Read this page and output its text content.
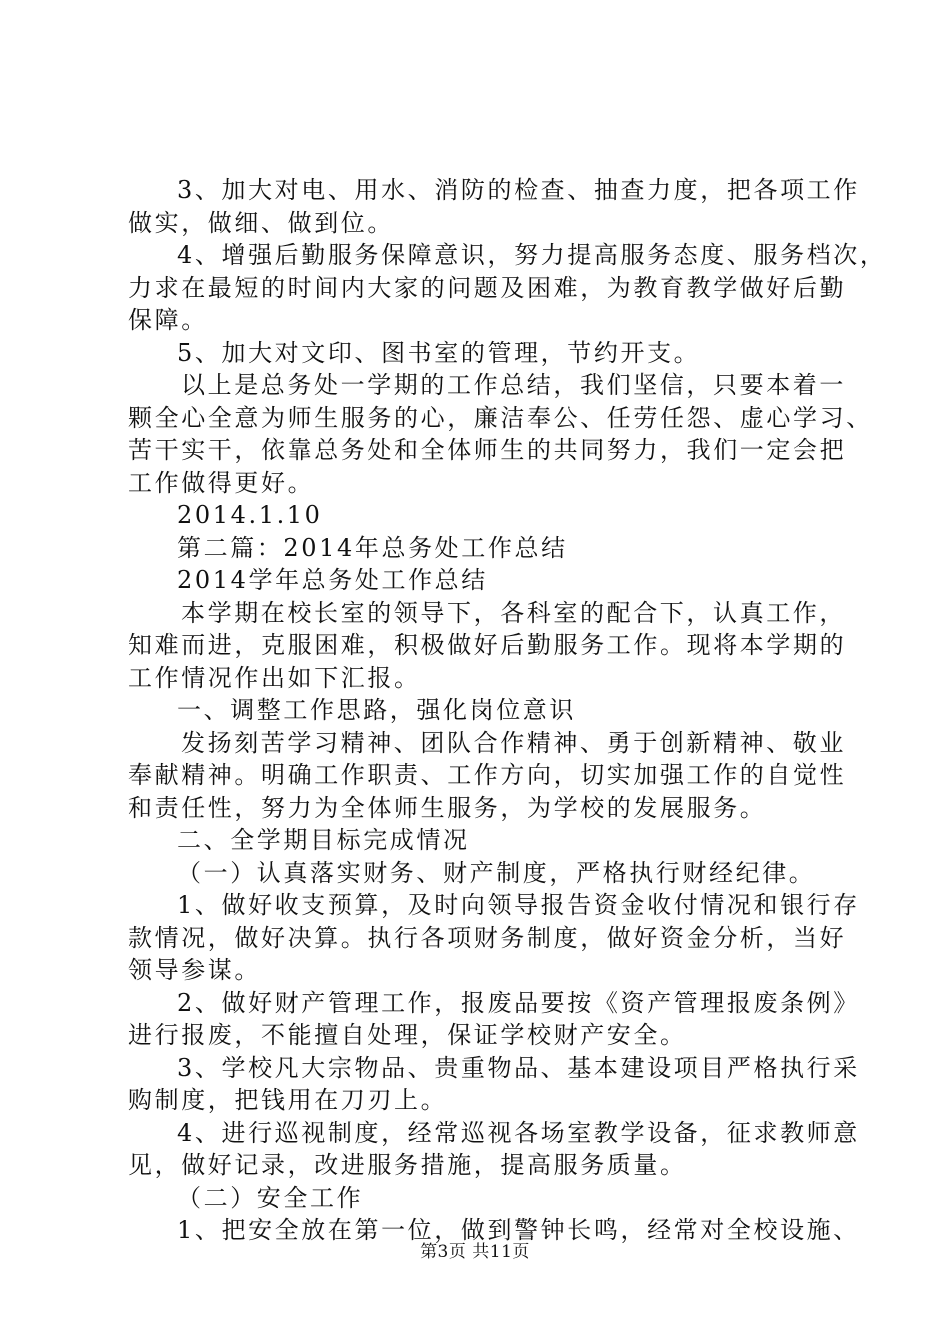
3、加大对电、用水、消防的检查、抽查力度，把各项工作
做实，做细、做到位。
4、增强后勤服务保障意识，努力提高服务态度、服务档次，
力求在最短的时间内大家的问题及困难，为教育教学做好后勤
保障。
5、加大对文印、图书室的管理，节约开支。
以上是总务处一学期的工作总结，我们坚信，只要本着一
颗全心全意为师生服务的心，廉洁奉公、任劳任怨、虚心学习、
苦干实干，依靠总务处和全体师生的共同努力，我们一定会把
工作做得更好。
2014.1.10
第二篇：2014年总务处工作总结
2014学年总务处工作总结
本学期在校长室的领导下，各科室的配合下，认真工作，
知难而进，克服困难，积极做好后勤服务工作。现将本学期的
工作情况作出如下汇报。
一、调整工作思路，强化岗位意识
发扬刻苦学习精神、团队合作精神、勇于创新精神、敬业
奉献精神。明确工作职责、工作方向，切实加强工作的自觉性
和责任性，努力为全体师生服务，为学校的发展服务。
二、全学期目标完成情况
（一）认真落实财务、财产制度，严格执行财经纪律。
1、做好收支预算，及时向领导报告资金收付情况和银行存
款情况，做好决算。执行各项财务制度，做好资金分析，当好
领导参谋。
2、做好财产管理工作，报废品要按《资产管理报废条例》
进行报废，不能擅自处理，保证学校财产安全。
3、学校凡大宗物品、贵重物品、基本建设项目严格执行采
购制度，把钱用在刀刃上。
4、进行巡视制度，经常巡视各场室教学设备，征求教师意
见，做好记录，改进服务措施，提高服务质量。
（二）安全工作
1、把安全放在第一位，做到警钟长鸣，经常对全校设施、
第3页 共11页
